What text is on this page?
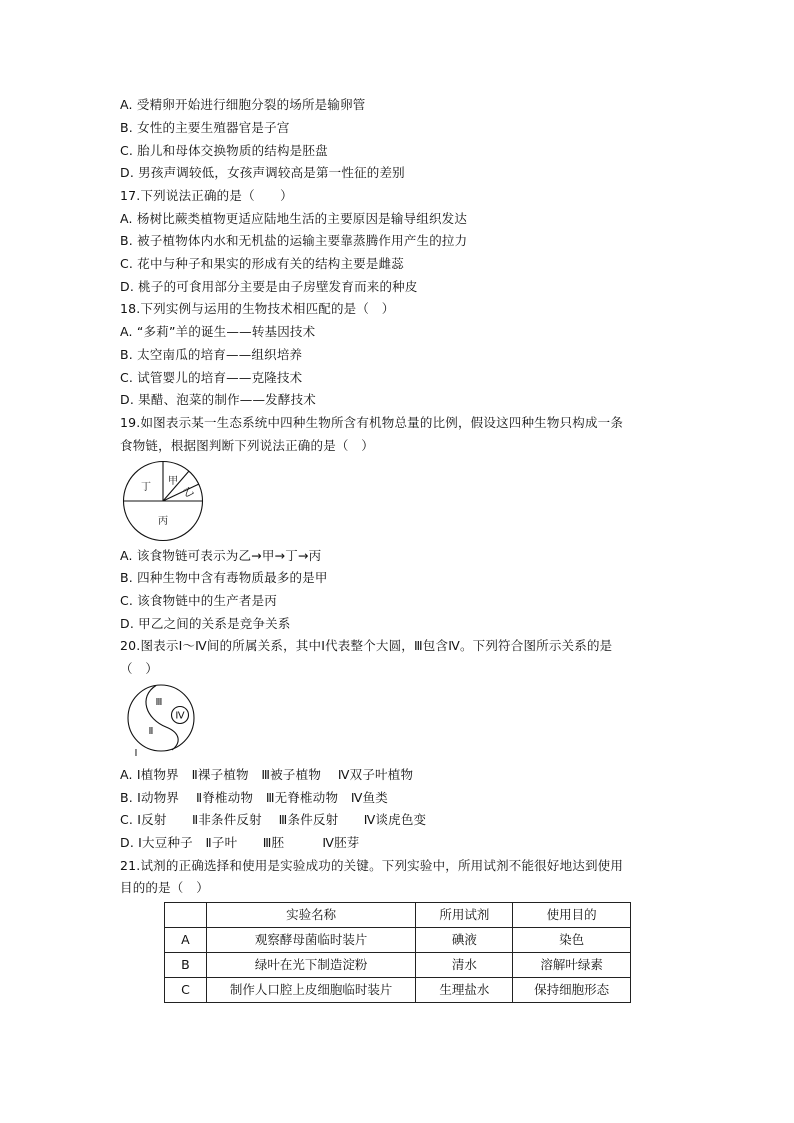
A. 受精卵开始进行细胞分裂的场所是输卵管
B. 女性的主要生殖器官是子宫
C. 胎儿和母体交换物质的结构是胚盘
D. 男孩声调较低，女孩声调较高是第一性征的差别
17.下列说法正确的是（　　）
A. 杨树比蕨类植物更适应陆地生活的主要原因是输导组织发达
B. 被子植物体内水和无机盐的运输主要靠蒸腾作用产生的拉力
C. 花中与种子和果实的形成有关的结构主要是雌蕊
D. 桃子的可食用部分主要是由子房壁发育而来的种皮
18.下列实例与运用的生物技术相匹配的是（　）
A. “多莉”羊的诞生——转基因技术
B. 太空南瓜的培育——组织培养
C. 试管婴儿的培育——克隆技术
D. 果醋、泡菜的制作——发酵技术
19.如图表示某一生态系统中四种生物所含有机物总量的比例，假设这四种生物只构成一条
食物链，根据图判断下列说法正确的是（　）
丁
甲
乙
丙
A. 该食物链可表示为乙→甲→丁→丙
B. 四种生物中含有毒物质最多的是甲
C. 该食物链中的生产者是丙
D. 甲乙之间的关系是竞争关系
20.图表示Ⅰ～Ⅳ间的所属关系，其中Ⅰ代表整个大圆，Ⅲ包含Ⅳ。下列符合图所示关系的是
（　）
Ⅲ
Ⅳ
Ⅱ
Ⅰ
A. Ⅰ植物界　Ⅱ裸子植物　Ⅲ被子植物　 Ⅳ双子叶植物
B. Ⅰ动物界　 Ⅱ脊椎动物　Ⅲ无脊椎动物　Ⅳ鱼类
C. Ⅰ反射　　Ⅱ非条件反射　 Ⅲ条件反射　　Ⅳ谈虎色变
D. Ⅰ大豆种子　Ⅱ子叶　　Ⅲ胚　　　Ⅳ胚芽
21.试剂的正确选择和使用是实验成功的关键。下列实验中，所用试剂不能很好地达到使用
目的的是（　）
	实验名称	所用试剂	使用目的
A	观察酵母菌临时装片	碘液	染色
B	绿叶在光下制造淀粉	清水	溶解叶绿素
C	制作人口腔上皮细胞临时装片	生理盐水	保持细胞形态
